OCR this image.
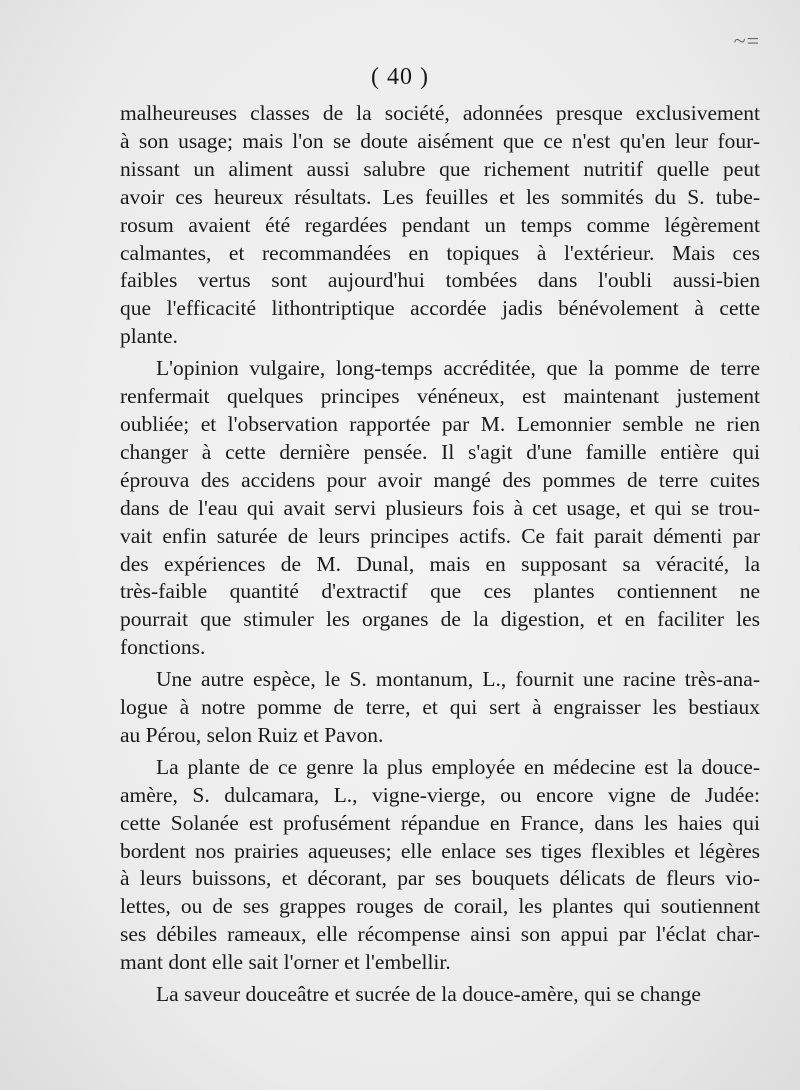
~=
( 40 )
malheureuses classes de la société, adonnées presque exclusivement
à son usage; mais l'on se doute aisément que ce n'est qu'en leur four-
nissant un aliment aussi salubre que richement nutritif quelle peut
avoir ces heureux résultats. Les feuilles et les sommités du S. tube-
rosum avaient été regardées pendant un temps comme légèrement
calmantes, et recommandées en topiques à l'extérieur. Mais ces
faibles vertus sont aujourd'hui tombées dans l'oubli aussi-bien
que l'efficacité lithontriptique accordée jadis bénévolement à cette
plante.
L'opinion vulgaire, long-temps accréditée, que la pomme de terre
renfermait quelques principes vénéneux, est maintenant justement
oubliée; et l'observation rapportée par M. Lemonnier semble ne rien
changer à cette dernière pensée. Il s'agit d'une famille entière qui
éprouva des accidens pour avoir mangé des pommes de terre cuites
dans de l'eau qui avait servi plusieurs fois à cet usage, et qui se trou-
vait enfin saturée de leurs principes actifs. Ce fait parait démenti par
des expériences de M. Dunal, mais en supposant sa véracité, la
très-faible quantité d'extractif que ces plantes contiennent ne
pourrait que stimuler les organes de la digestion, et en faciliter les
fonctions.
Une autre espèce, le S. montanum, L., fournit une racine très-ana-
logue à notre pomme de terre, et qui sert à engraisser les bestiaux
au Pérou, selon Ruiz et Pavon.
La plante de ce genre la plus employée en médecine est la douce-
amère, S. dulcamara, L., vigne-vierge, ou encore vigne de Judée:
cette Solanée est profusément répandue en France, dans les haies qui
bordent nos prairies aqueuses; elle enlace ses tiges flexibles et légères
à leurs buissons, et décorant, par ses bouquets délicats de fleurs vio-
lettes, ou de ses grappes rouges de corail, les plantes qui soutiennent
ses débiles rameaux, elle récompense ainsi son appui par l'éclat char-
mant dont elle sait l'orner et l'embellir.
La saveur douceâtre et sucrée de la douce-amère, qui se change
